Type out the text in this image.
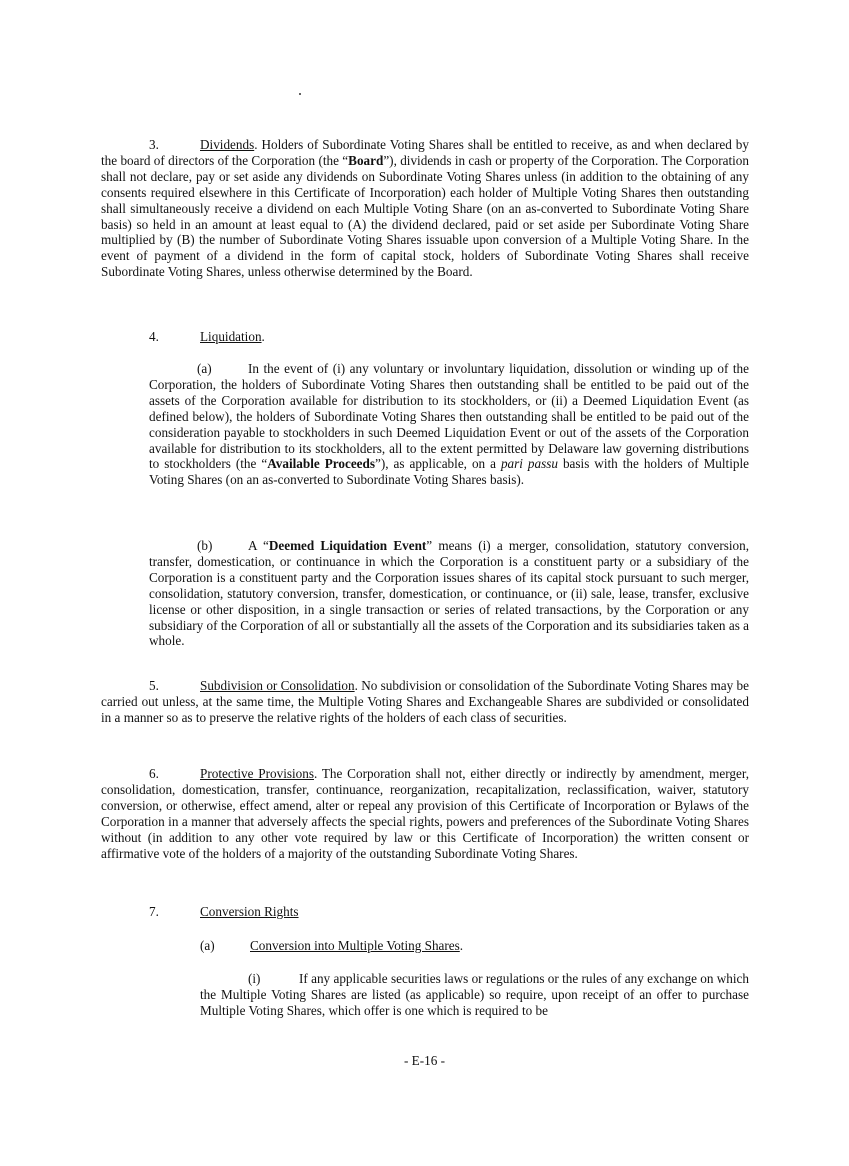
3.	Dividends. Holders of Subordinate Voting Shares shall be entitled to receive, as and when declared by the board of directors of the Corporation (the “Board”), dividends in cash or property of the Corporation. The Corporation shall not declare, pay or set aside any dividends on Subordinate Voting Shares unless (in addition to the obtaining of any consents required elsewhere in this Certificate of Incorporation) each holder of Multiple Voting Shares then outstanding shall simultaneously receive a dividend on each Multiple Voting Share (on an as-converted to Subordinate Voting Share basis) so held in an amount at least equal to (A) the dividend declared, paid or set aside per Subordinate Voting Share multiplied by (B) the number of Subordinate Voting Shares issuable upon conversion of a Multiple Voting Share. In the event of payment of a dividend in the form of capital stock, holders of Subordinate Voting Shares shall receive Subordinate Voting Shares, unless otherwise determined by the Board.

4.	Liquidation.

(a)	In the event of (i) any voluntary or involuntary liquidation, dissolution or winding up of the Corporation, the holders of Subordinate Voting Shares then outstanding shall be entitled to be paid out of the assets of the Corporation available for distribution to its stockholders, or (ii) a Deemed Liquidation Event (as defined below), the holders of Subordinate Voting Shares then outstanding shall be entitled to be paid out of the consideration payable to stockholders in such Deemed Liquidation Event or out of the assets of the Corporation available for distribution to its stockholders, all to the extent permitted by Delaware law governing distributions to stockholders (the “Available Proceeds”), as applicable, on a pari passu basis with the holders of Multiple Voting Shares (on an as-converted to Subordinate Voting Shares basis).

(b)	A “Deemed Liquidation Event” means (i) a merger, consolidation, statutory conversion, transfer, domestication, or continuance in which the Corporation is a constituent party or a subsidiary of the Corporation is a constituent party and the Corporation issues shares of its capital stock pursuant to such merger, consolidation, statutory conversion, transfer, domestication, or continuance, or (ii) sale, lease, transfer, exclusive license or other disposition, in a single transaction or series of related transactions, by the Corporation or any subsidiary of the Corporation of all or substantially all the assets of the Corporation and its subsidiaries taken as a whole.

5.	Subdivision or Consolidation. No subdivision or consolidation of the Subordinate Voting Shares may be carried out unless, at the same time, the Multiple Voting Shares and Exchangeable Shares are subdivided or consolidated in a manner so as to preserve the relative rights of the holders of each class of securities.

6.	Protective Provisions. The Corporation shall not, either directly or indirectly by amendment, merger, consolidation, domestication, transfer, continuance, reorganization, recapitalization, reclassification, waiver, statutory conversion, or otherwise, effect amend, alter or repeal any provision of this Certificate of Incorporation or Bylaws of the Corporation in a manner that adversely affects the special rights, powers and preferences of the Subordinate Voting Shares without (in addition to any other vote required by law or this Certificate of Incorporation) the written consent or affirmative vote of the holders of a majority of the outstanding Subordinate Voting Shares.

7.	Conversion Rights
(a)	Conversion into Multiple Voting Shares.

(i)	If any applicable securities laws or regulations or the rules of any exchange on which the Multiple Voting Shares are listed (as applicable) so require, upon receipt of an offer to purchase Multiple Voting Shares, which offer is one which is required to be

- E-16 -
